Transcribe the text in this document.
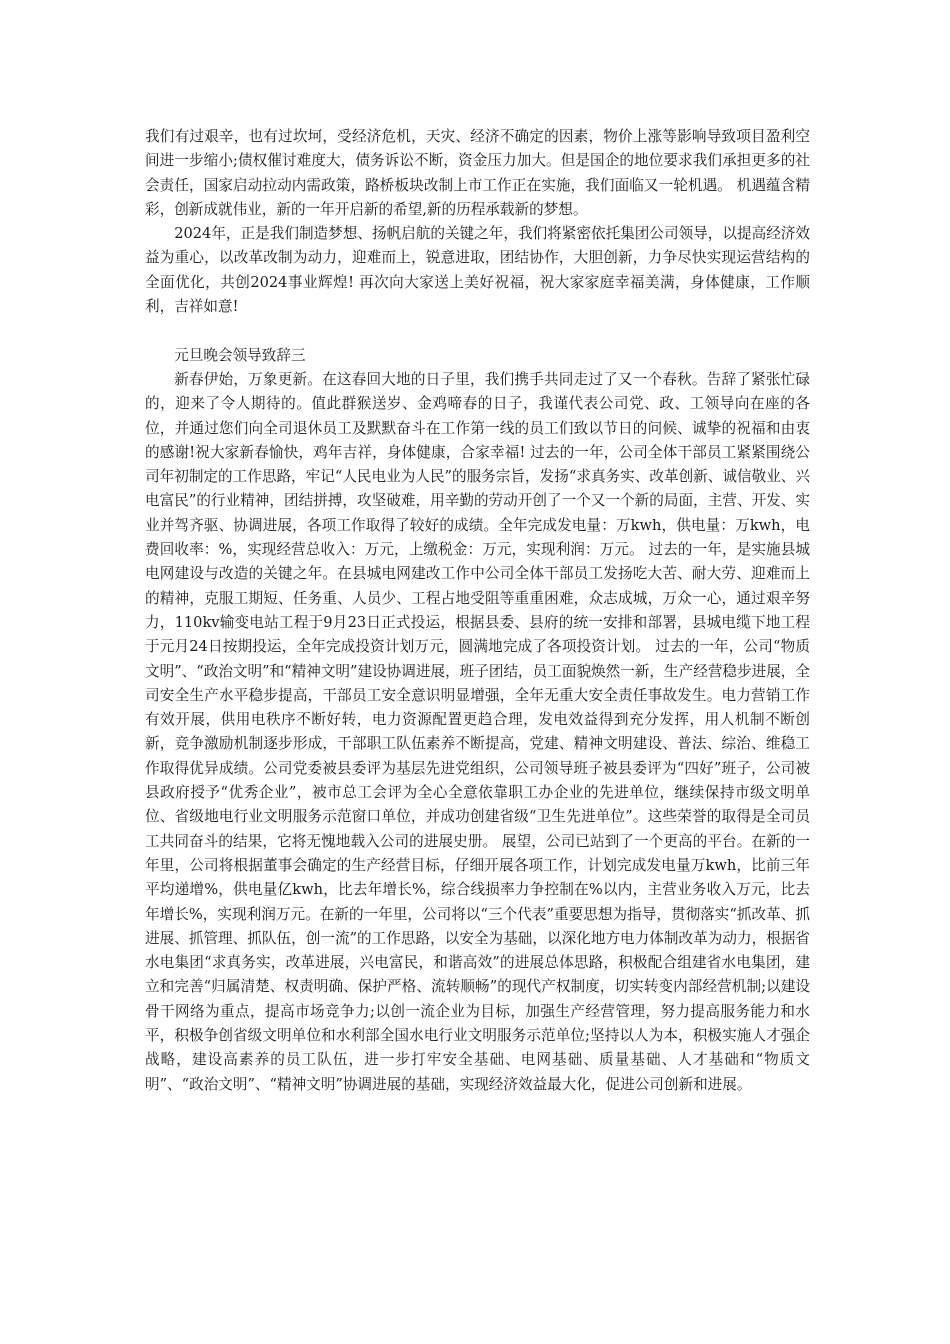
我们有过艰辛，也有过坎坷，受经济危机，天灾、经济不确定的因素，物价上涨等影响导致项目盈利空间进一步缩小;债权催讨难度大，债务诉讼不断，资金压力加大。但是国企的地位要求我们承担更多的社会责任，国家启动拉动内需政策，路桥板块改制上市工作正在实施，我们面临又一轮机遇。 机遇蕴含精彩，创新成就伟业，新的一年开启新的希望,新的历程承载新的梦想。

2024年，正是我们制造梦想、扬帆启航的关键之年，我们将紧密依托集团公司领导，以提高经济效益为重心，以改革改制为动力，迎难而上，锐意进取，团结协作，大胆创新，力争尽快实现运营结构的全面优化，共创2024事业辉煌! 再次向大家送上美好祝福，祝大家家庭幸福美满，身体健康，工作顺利，吉祥如意!

元旦晚会领导致辞三

新春伊始，万象更新。在这春回大地的日子里，我们携手共同走过了又一个春秋。告辞了紧张忙碌的，迎来了令人期待的。值此群猴送岁、金鸡啼春的日子，我谨代表公司党、政、工领导向在座的各位，并通过您们向全司退休员工及默默奋斗在工作第一线的员工们致以节日的问候、诚挚的祝福和由衷的感谢!祝大家新春愉快，鸡年吉祥，身体健康，合家幸福! 过去的一年，公司全体干部员工紧紧围绕公司年初制定的工作思路，牢记“人民电业为人民”的服务宗旨，发扬“求真务实、改革创新、诚信敬业、兴电富民”的行业精神，团结拼搏，攻坚破难，用辛勤的劳动开创了一个又一个新的局面，主营、开发、实业并驾齐驱、协调进展，各项工作取得了较好的成绩。全年完成发电量：万kwh，供电量：万kwh，电费回收率：%，实现经营总收入：万元，上缴税金：万元，实现利润：万元。 过去的一年，是实施县城电网建设与改造的关键之年。在县城电网建改工作中公司全体干部员工发扬吃大苦、耐大劳、迎难而上的精神，克服工期短、任务重、人员少、工程占地受阻等重重困难，众志成城，万众一心，通过艰辛努力，110kv输变电站工程于9月23日正式投运，根据县委、县府的统一安排和部署，县城电缆下地工程于元月24日按期投运，全年完成投资计划万元，圆满地完成了各项投资计划。 过去的一年，公司“物质文明”、“政治文明”和“精神文明”建设协调进展，班子团结，员工面貌焕然一新，生产经营稳步进展，全司安全生产水平稳步提高，干部员工安全意识明显增强，全年无重大安全责任事故发生。电力营销工作有效开展，供用电秩序不断好转，电力资源配置更趋合理，发电效益得到充分发挥，用人机制不断创新，竞争激励机制逐步形成，干部职工队伍素养不断提高，党建、精神文明建设、普法、综治、维稳工作取得优异成绩。公司党委被县委评为基层先进党组织，公司领导班子被县委评为“四好”班子，公司被县政府授予“优秀企业”，被市总工会评为全心全意依靠职工办企业的先进单位，继续保持市级文明单位、省级地电行业文明服务示范窗口单位，并成功创建省级“卫生先进单位”。这些荣誉的取得是全司员工共同奋斗的结果，它将无愧地载入公司的进展史册。 展望，公司已站到了一个更高的平台。在新的一年里，公司将根据董事会确定的生产经营目标，仔细开展各项工作，计划完成发电量万kwh，比前三年平均递增%，供电量亿kwh，比去年增长%，综合线损率力争控制在%以内，主营业务收入万元，比去年增长%，实现利润万元。在新的一年里，公司将以“三个代表”重要思想为指导，贯彻落实“抓改革、抓进展、抓管理、抓队伍，创一流”的工作思路，以安全为基础，以深化地方电力体制改革为动力，根据省水电集团“求真务实，改革进展，兴电富民，和谐高效”的进展总体思路，积极配合组建省水电集团，建立和完善“归属清楚、权责明确、保护严格、流转顺畅”的现代产权制度，切实转变内部经营机制;以建设骨干网络为重点，提高市场竞争力;以创一流企业为目标，加强生产经营管理，努力提高服务能力和水平，积极争创省级文明单位和水利部全国水电行业文明服务示范单位;坚持以人为本，积极实施人才强企战略，建设高素养的员工队伍，进一步打牢安全基础、电网基础、质量基础、人才基础和“物质文明”、“政治文明”、“精神文明”协调进展的基础，实现经济效益最大化，促进公司创新和进展。
